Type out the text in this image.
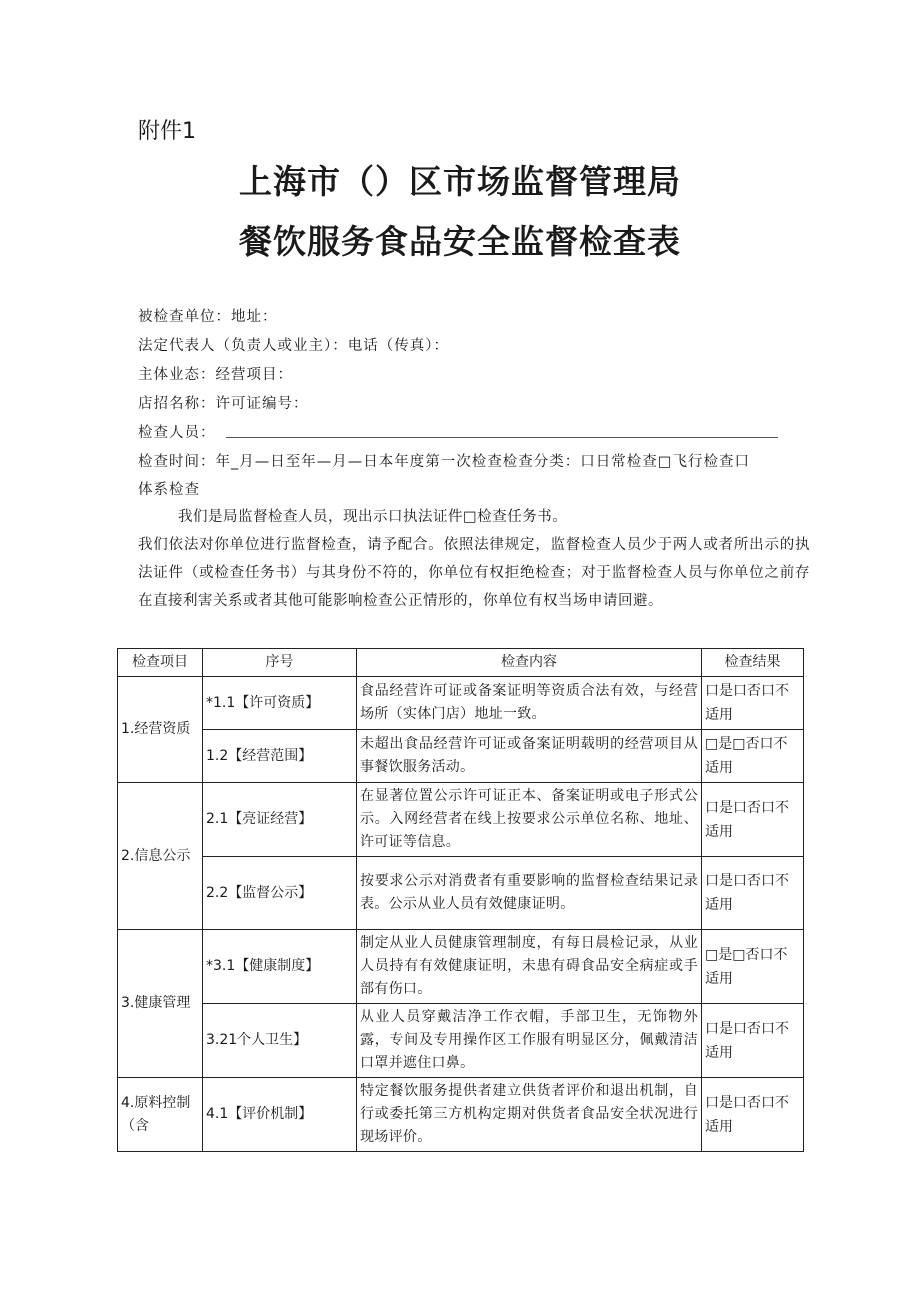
附件1
上海市（）区市场监督管理局
餐饮服务食品安全监督检查表
被检查单位：地址：
法定代表人（负责人或业主）：电话（传真）：
主体业态：经营项目：
店招名称：许可证编号：
检查人员：
检查时间：年_月—日至年—月—日本年度第一次检查检查分类：口日常检查□飞行检查口
体系检查
我们是局监督检查人员，现出示口执法证件□检查任务书。
我们依法对你单位进行监督检查，请予配合。依照法律规定，监督检查人员少于两人或者所出示的执法证件（或检查任务书）与其身份不符的，你单位有权拒绝检查；对于监督检查人员与你单位之前存在直接利害关系或者其他可能影响检查公正情形的，你单位有权当场申请回避。
检查项目	序号	检查内容	检查结果
1.经营资质	*1.1【许可资质】	食品经营许可证或备案证明等资质合法有效，与经营场所（实体门店）地址一致。	口是口否口不适用
	1.2【经营范围】	未超出食品经营许可证或备案证明载明的经营项目从事餐饮服务活动。	□是□否口不适用
2.信息公示	2.1【亮证经营】	在显著位置公示许可证正本、备案证明或电子形式公示。入网经营者在线上按要求公示单位名称、地址、许可证等信息。	口是口否口不适用
	2.2【监督公示】	按要求公示对消费者有重要影响的监督检查结果记录表。公示从业人员有效健康证明。	口是口否口不适用
3.健康管理	*3.1【健康制度】	制定从业人员健康管理制度，有每日晨检记录，从业人员持有有效健康证明，未患有碍食品安全病症或手部有伤口。	□是□否口不适用
	3.21个人卫生】	从业人员穿戴洁净工作衣帽，手部卫生，无饰物外露，专间及专用操作区工作服有明显区分，佩戴清洁口罩并遮住口鼻。	口是口否口不适用
4.原料控制（含	4.1【评价机制】	特定餐饮服务提供者建立供货者评价和退出机制，自行或委托第三方机构定期对供货者食品安全状况进行现场评价。	口是口否口不适用
